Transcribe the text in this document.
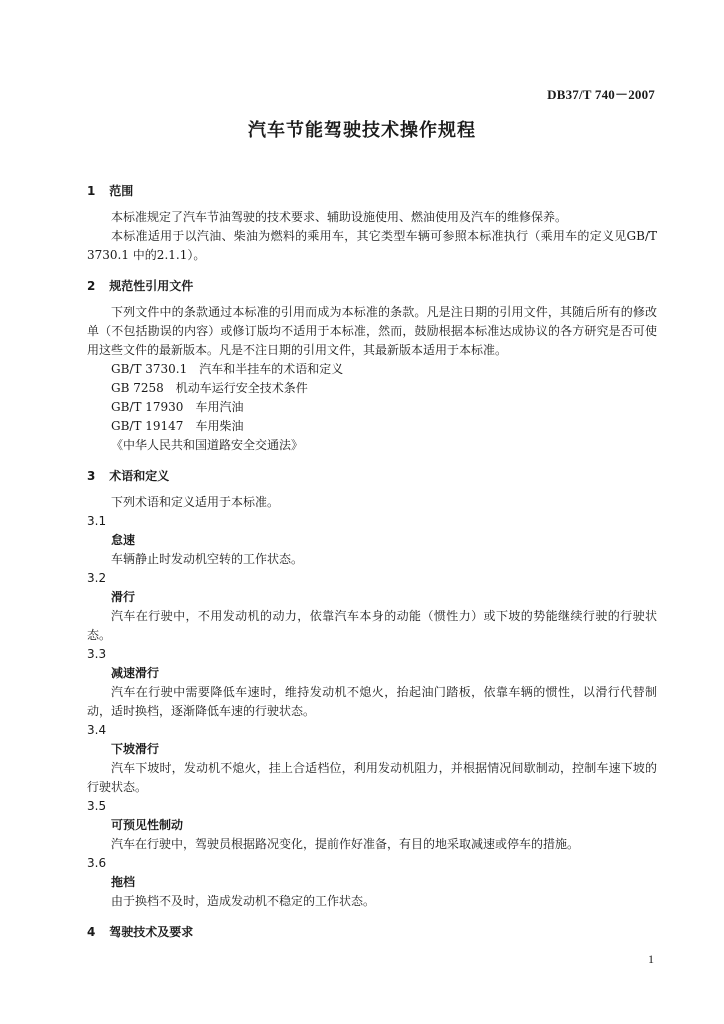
DB37/T 740－2007
汽车节能驾驶技术操作规程
1 范围

本标准规定了汽车节油驾驶的技术要求、辅助设施使用、燃油使用及汽车的维修保养。

本标准适用于以汽油、柴油为燃料的乘用车，其它类型车辆可参照本标准执行（乘用车的定义见GB/T 3730.1 中的2.1.1）。

2 规范性引用文件

下列文件中的条款通过本标准的引用而成为本标准的条款。凡是注日期的引用文件，其随后所有的修改单（不包括勘误的内容）或修订版均不适用于本标准，然而，鼓励根据本标准达成协议的各方研究是否可使用这些文件的最新版本。凡是不注日期的引用文件，其最新版本适用于本标准。

GB/T 3730.1　汽车和半挂车的术语和定义

GB 7258　机动车运行安全技术条件

GB/T 17930　车用汽油

GB/T 19147　车用柴油

《中华人民共和国道路安全交通法》

3 术语和定义

下列术语和定义适用于本标准。

3.1

怠速

车辆静止时发动机空转的工作状态。

3.2

滑行

汽车在行驶中，不用发动机的动力，依靠汽车本身的动能（惯性力）或下坡的势能继续行驶的行驶状态。

3.3

减速滑行

汽车在行驶中需要降低车速时，维持发动机不熄火，抬起油门踏板，依靠车辆的惯性，以滑行代替制动，适时换档，逐渐降低车速的行驶状态。

3.4

下坡滑行

汽车下坡时，发动机不熄火，挂上合适档位，利用发动机阻力，并根据情况间歇制动，控制车速下坡的行驶状态。

3.5

可预见性制动

汽车在行驶中，驾驶员根据路况变化，提前作好准备，有目的地采取减速或停车的措施。

3.6

拖档

由于换档不及时，造成发动机不稳定的工作状态。

4 驾驶技术及要求
1
